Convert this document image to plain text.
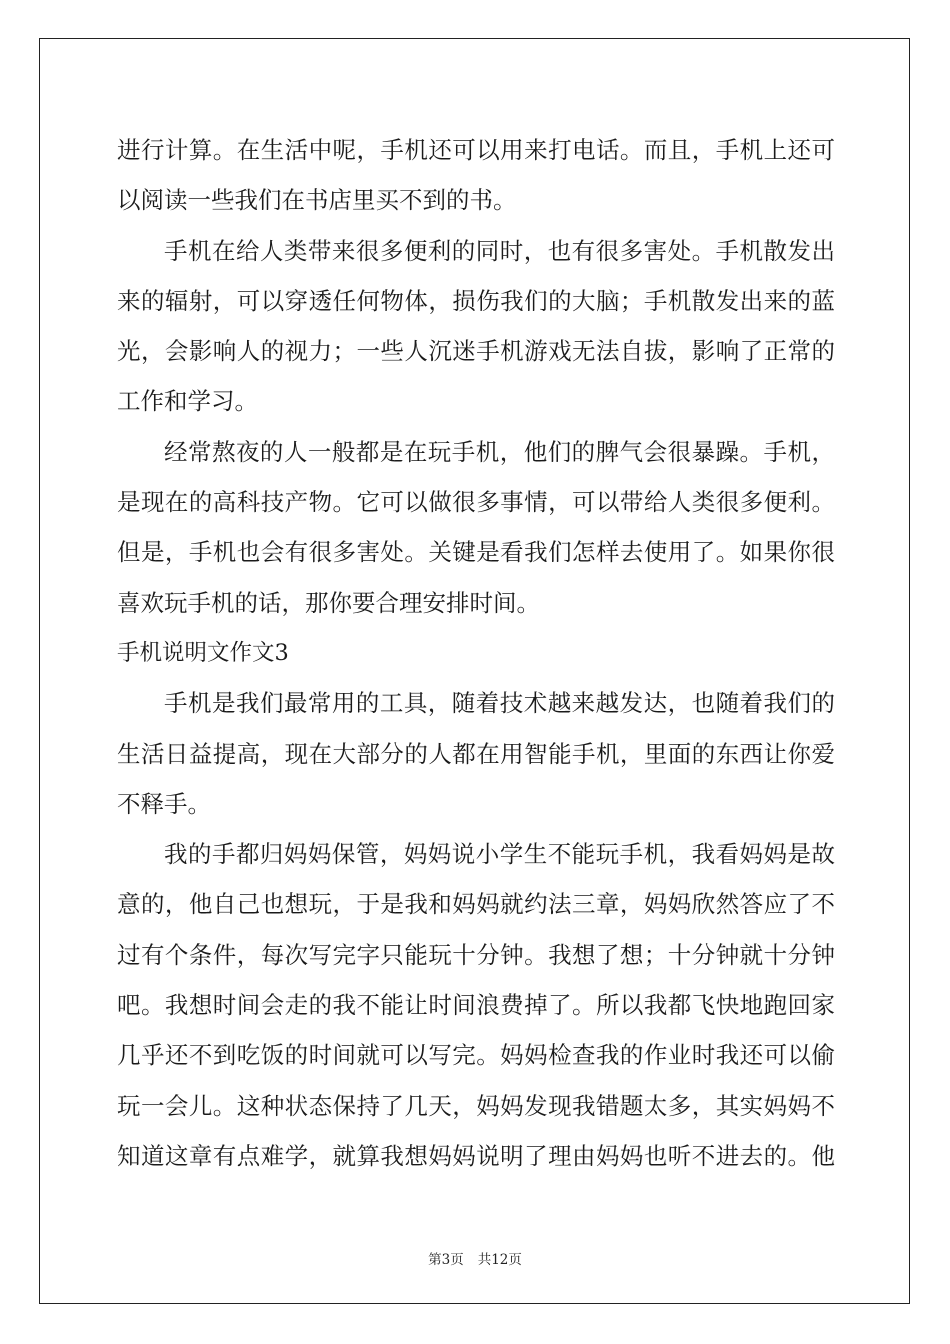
进行计算。在生活中呢，手机还可以用来打电话。而且，手机上还可
以阅读一些我们在书店里买不到的书。
手机在给人类带来很多便利的同时，也有很多害处。手机散发出
来的辐射，可以穿透任何物体，损伤我们的大脑；手机散发出来的蓝
光，会影响人的视力；一些人沉迷手机游戏无法自拔，影响了正常的
工作和学习。
经常熬夜的人一般都是在玩手机，他们的脾气会很暴躁。手机，
是现在的高科技产物。它可以做很多事情，可以带给人类很多便利。
但是，手机也会有很多害处。关键是看我们怎样去使用了。如果你很
喜欢玩手机的话，那你要合理安排时间。
手机说明文作文3
手机是我们最常用的工具，随着技术越来越发达，也随着我们的
生活日益提高，现在大部分的人都在用智能手机，里面的东西让你爱
不释手。
我的手都归妈妈保管，妈妈说小学生不能玩手机，我看妈妈是故
意的，他自己也想玩，于是我和妈妈就约法三章，妈妈欣然答应了不
过有个条件，每次写完字只能玩十分钟。我想了想；十分钟就十分钟
吧。我想时间会走的我不能让时间浪费掉了。所以我都飞快地跑回家
几乎还不到吃饭的时间就可以写完。妈妈检查我的作业时我还可以偷
玩一会儿。这种状态保持了几天，妈妈发现我错题太多，其实妈妈不
知道这章有点难学，就算我想妈妈说明了理由妈妈也听不进去的。他
第3页 共12页
